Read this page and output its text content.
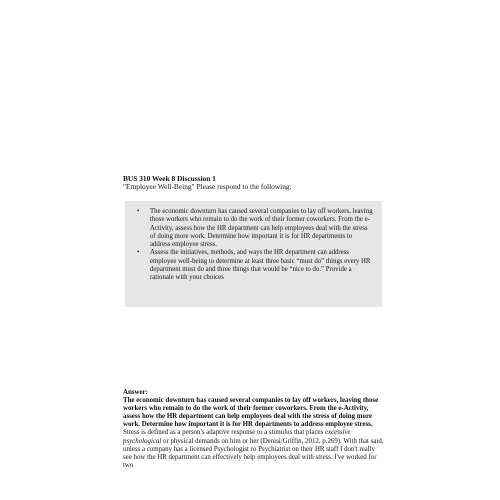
BUS 310 Week 8 Discussion 1
"Employee Well-Being" Please respond to the following:
• The economic downturn has caused several companies to lay off workers, leaving those workers who remain to do the work of their former coworkers. From the e-Activity, assess how the HR department can help employees deal with the stress of doing more work. Determine how important it is for HR departments to address employee stress.
• Assess the initiatives, methods, and ways the HR department can address employee well-being to determine at least three basic “must do” things every HR department must do and three things that would be “nice to do.” Provide a rationale with your choices
Answer:
The economic downturn has caused several companies to lay off workers, leaving those workers who remain to do the work of their former coworkers. From the e-Activity, assess how the HR department can help employees deal with the stress of doing more work. Determine how important it is for HR departments to address employee stress.
Stress is defined as a person's adaptive response to a stimulus that places excessive psychological or physical demands on him or her (Denisi/Griffin, 2012, p.269). With that said, unless a company has a licensed Psychologist ro Psychiatrist on their HR staff I don't really see how the HR department can effectively help employees deal with stress. I've worked for two
